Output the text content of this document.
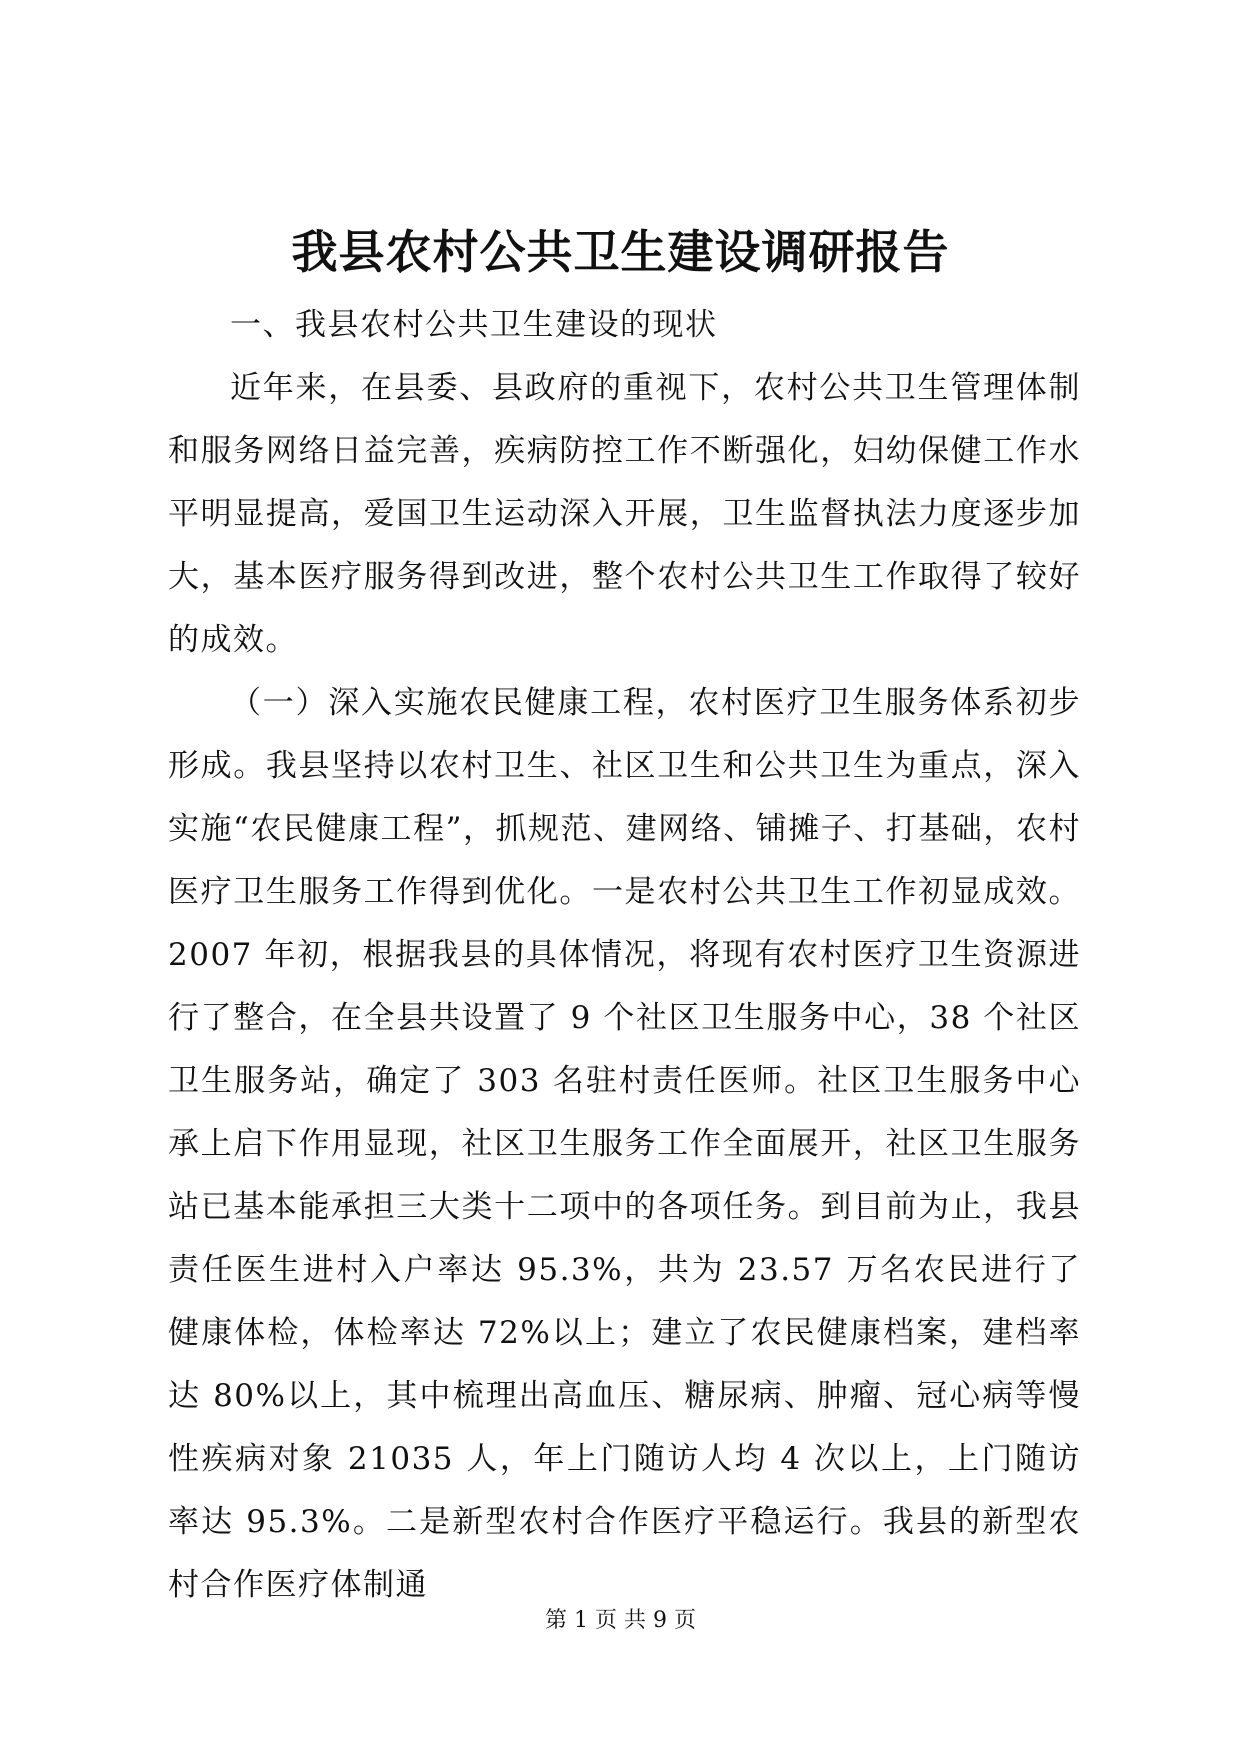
我县农村公共卫生建设调研报告

一、我县农村公共卫生建设的现状

近年来，在县委、县政府的重视下，农村公共卫生管理体制和服务网络日益完善，疾病防控工作不断强化，妇幼保健工作水平明显提高，爱国卫生运动深入开展，卫生监督执法力度逐步加大，基本医疗服务得到改进，整个农村公共卫生工作取得了较好的成效。

（一）深入实施农民健康工程，农村医疗卫生服务体系初步形成。我县坚持以农村卫生、社区卫生和公共卫生为重点，深入实施“农民健康工程”，抓规范、建网络、铺摊子、打基础，农村医疗卫生服务工作得到优化。一是农村公共卫生工作初显成效。2007 年初，根据我县的具体情况，将现有农村医疗卫生资源进行了整合，在全县共设置了 9 个社区卫生服务中心，38 个社区卫生服务站，确定了 303 名驻村责任医师。社区卫生服务中心承上启下作用显现，社区卫生服务工作全面展开，社区卫生服务站已基本能承担三大类十二项中的各项任务。到目前为止，我县责任医生进村入户率达 95.3%，共为 23.57 万名农民进行了健康体检，体检率达 72%以上；建立了农民健康档案，建档率达 80%以上，其中梳理出高血压、糖尿病、肿瘤、冠心病等慢性疾病对象 21035 人，年上门随访人均 4 次以上，上门随访率达 95.3%。二是新型农村合作医疗平稳运行。我县的新型农村合作医疗体制通

第 1 页 共 9 页
